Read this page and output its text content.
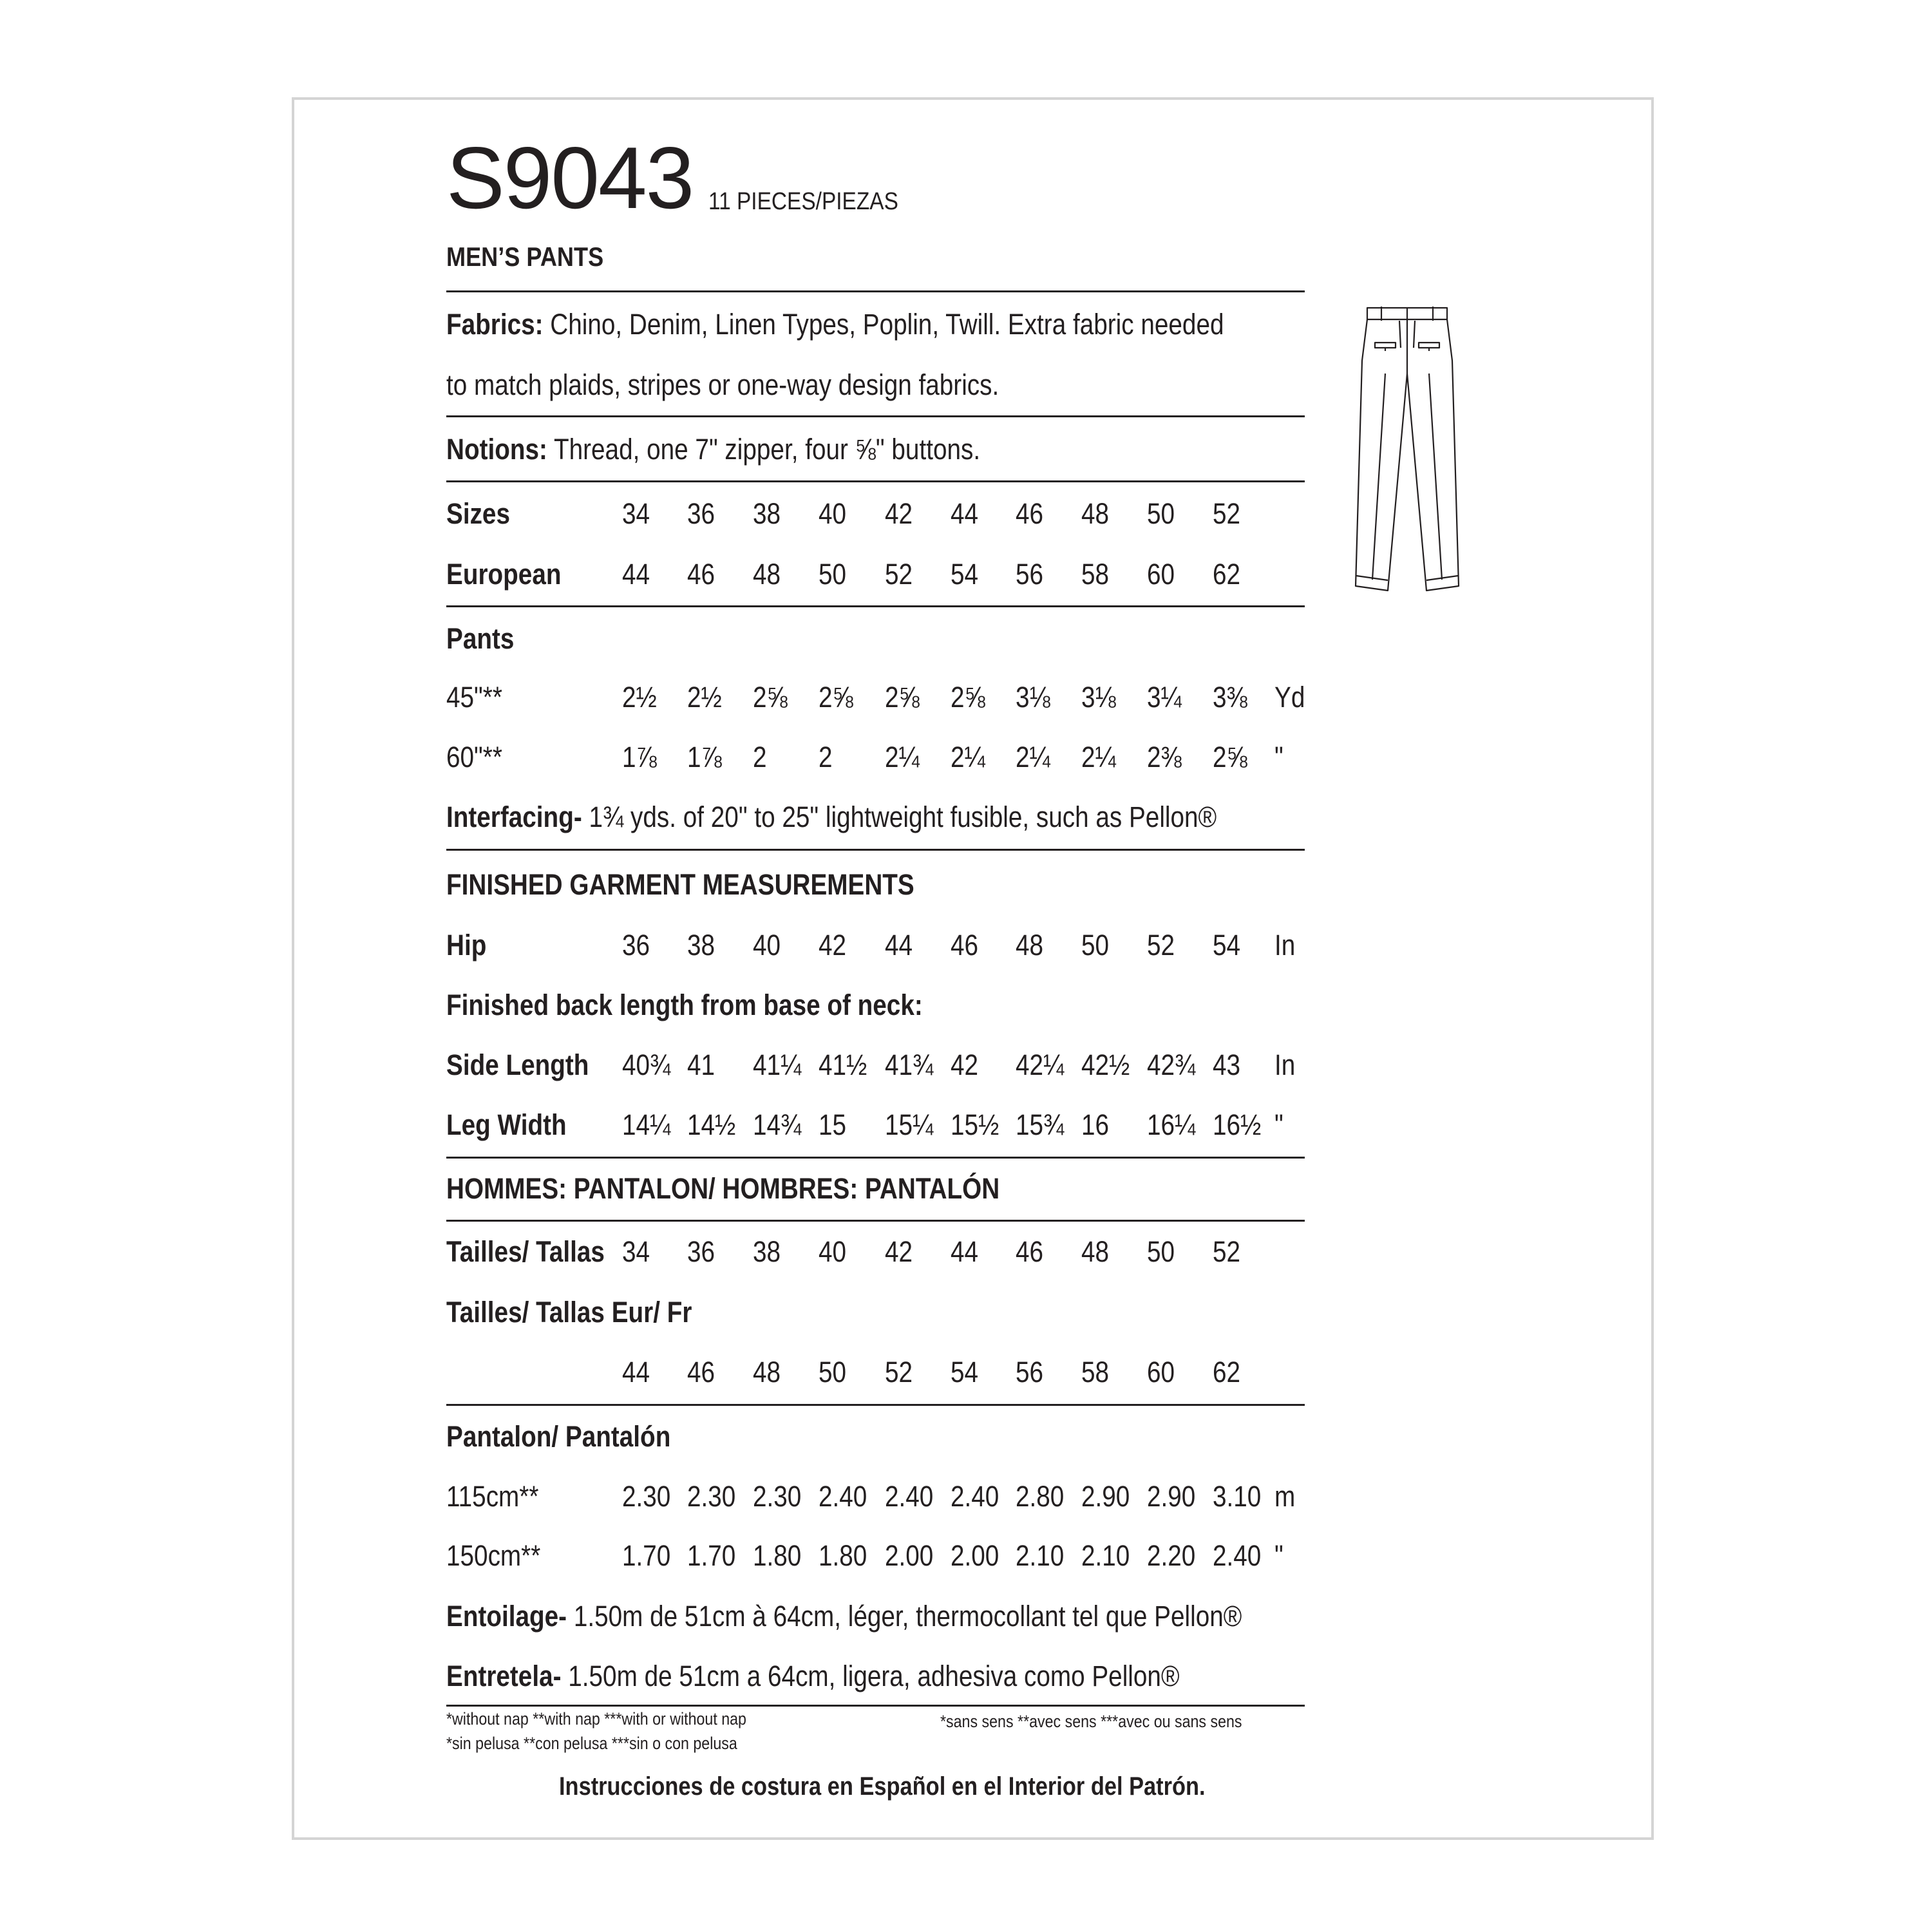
S9043 11 PIECES/PIEZAS
MEN’S PANTS
Fabrics: Chino, Denim, Linen Types, Poplin, Twill. Extra fabric needed
to match plaids, stripes or one-way design fabrics.
Notions: Thread, one 7" zipper, four ⅝" buttons.
Sizes	34 36 38 40 42 44 46 48 50 52
European 44 46 48 50 52 54 56 58 60 62
Pants
45"**	2½ 2½ 2⅝ 2⅝ 2⅝ 2⅝ 3⅛ 3⅛ 3¼ 3⅜ Yd
60"**	1⅞ 1⅞ 2 2 2¼ 2¼ 2¼ 2¼ 2⅜ 2⅝ "
Interfacing- 1¾ yds. of 20" to 25" lightweight fusible, such as Pellon®
FINISHED GARMENT MEASUREMENTS
Hip	36 38 40 42 44 46 48 50 52 54 In
Finished back length from base of neck:
Side Length 40¾ 41 41¼ 41½ 41¾ 42 42¼ 42½ 42¾ 43 In
Leg Width 14¼ 14½ 14¾ 15 15¼ 15½ 15¾ 16 16¼ 16½ "
HOMMES: PANTALON/ HOMBRES: PANTALÓN
Tailles/ Tallas 34 36 38 40 42 44 46 48 50 52
Tailles/ Tallas Eur/ Fr
44 46 48 50 52 54 56 58 60 62
Pantalon/ Pantalón
115cm**	2.30 2.30 2.30 2.40 2.40 2.40 2.80 2.90 2.90 3.10 m
150cm**	1.70 1.70 1.80 1.80 2.00 2.00 2.10 2.10 2.20 2.40 "
Entoilage- 1.50m de 51cm à 64cm, léger, thermocollant tel que Pellon®
Entretela- 1.50m de 51cm a 64cm, ligera, adhesiva como Pellon®
*without nap **with nap ***with or without nap
*sin pelusa **con pelusa ***sin o con pelusa
*sans sens **avec sens ***avec ou sans sens
Instrucciones de costura en Español en el Interior del Patrón.
